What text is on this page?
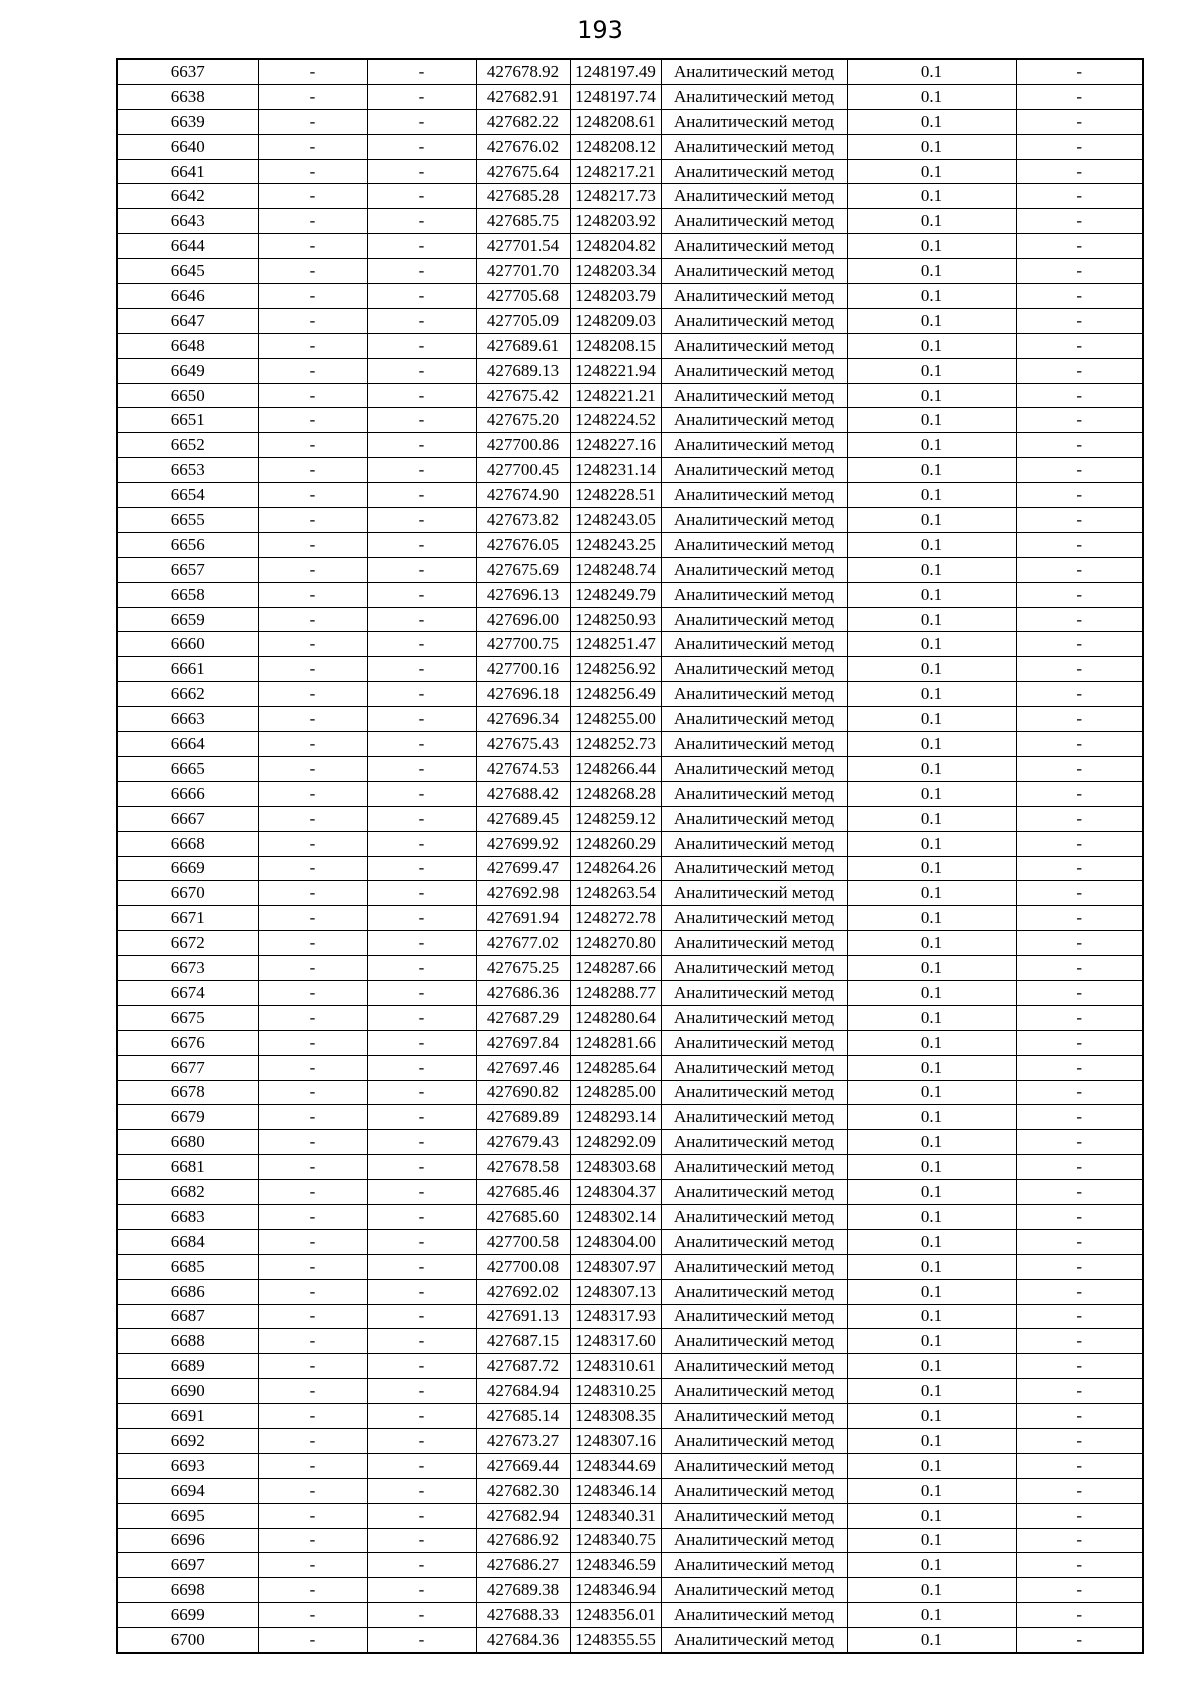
193
6637	-	-	427678.92	1248197.49	Аналитический метод	0.1	-
6638	-	-	427682.91	1248197.74	Аналитический метод	0.1	-
6639	-	-	427682.22	1248208.61	Аналитический метод	0.1	-
6640	-	-	427676.02	1248208.12	Аналитический метод	0.1	-
6641	-	-	427675.64	1248217.21	Аналитический метод	0.1	-
6642	-	-	427685.28	1248217.73	Аналитический метод	0.1	-
6643	-	-	427685.75	1248203.92	Аналитический метод	0.1	-
6644	-	-	427701.54	1248204.82	Аналитический метод	0.1	-
6645	-	-	427701.70	1248203.34	Аналитический метод	0.1	-
6646	-	-	427705.68	1248203.79	Аналитический метод	0.1	-
6647	-	-	427705.09	1248209.03	Аналитический метод	0.1	-
6648	-	-	427689.61	1248208.15	Аналитический метод	0.1	-
6649	-	-	427689.13	1248221.94	Аналитический метод	0.1	-
6650	-	-	427675.42	1248221.21	Аналитический метод	0.1	-
6651	-	-	427675.20	1248224.52	Аналитический метод	0.1	-
6652	-	-	427700.86	1248227.16	Аналитический метод	0.1	-
6653	-	-	427700.45	1248231.14	Аналитический метод	0.1	-
6654	-	-	427674.90	1248228.51	Аналитический метод	0.1	-
6655	-	-	427673.82	1248243.05	Аналитический метод	0.1	-
6656	-	-	427676.05	1248243.25	Аналитический метод	0.1	-
6657	-	-	427675.69	1248248.74	Аналитический метод	0.1	-
6658	-	-	427696.13	1248249.79	Аналитический метод	0.1	-
6659	-	-	427696.00	1248250.93	Аналитический метод	0.1	-
6660	-	-	427700.75	1248251.47	Аналитический метод	0.1	-
6661	-	-	427700.16	1248256.92	Аналитический метод	0.1	-
6662	-	-	427696.18	1248256.49	Аналитический метод	0.1	-
6663	-	-	427696.34	1248255.00	Аналитический метод	0.1	-
6664	-	-	427675.43	1248252.73	Аналитический метод	0.1	-
6665	-	-	427674.53	1248266.44	Аналитический метод	0.1	-
6666	-	-	427688.42	1248268.28	Аналитический метод	0.1	-
6667	-	-	427689.45	1248259.12	Аналитический метод	0.1	-
6668	-	-	427699.92	1248260.29	Аналитический метод	0.1	-
6669	-	-	427699.47	1248264.26	Аналитический метод	0.1	-
6670	-	-	427692.98	1248263.54	Аналитический метод	0.1	-
6671	-	-	427691.94	1248272.78	Аналитический метод	0.1	-
6672	-	-	427677.02	1248270.80	Аналитический метод	0.1	-
6673	-	-	427675.25	1248287.66	Аналитический метод	0.1	-
6674	-	-	427686.36	1248288.77	Аналитический метод	0.1	-
6675	-	-	427687.29	1248280.64	Аналитический метод	0.1	-
6676	-	-	427697.84	1248281.66	Аналитический метод	0.1	-
6677	-	-	427697.46	1248285.64	Аналитический метод	0.1	-
6678	-	-	427690.82	1248285.00	Аналитический метод	0.1	-
6679	-	-	427689.89	1248293.14	Аналитический метод	0.1	-
6680	-	-	427679.43	1248292.09	Аналитический метод	0.1	-
6681	-	-	427678.58	1248303.68	Аналитический метод	0.1	-
6682	-	-	427685.46	1248304.37	Аналитический метод	0.1	-
6683	-	-	427685.60	1248302.14	Аналитический метод	0.1	-
6684	-	-	427700.58	1248304.00	Аналитический метод	0.1	-
6685	-	-	427700.08	1248307.97	Аналитический метод	0.1	-
6686	-	-	427692.02	1248307.13	Аналитический метод	0.1	-
6687	-	-	427691.13	1248317.93	Аналитический метод	0.1	-
6688	-	-	427687.15	1248317.60	Аналитический метод	0.1	-
6689	-	-	427687.72	1248310.61	Аналитический метод	0.1	-
6690	-	-	427684.94	1248310.25	Аналитический метод	0.1	-
6691	-	-	427685.14	1248308.35	Аналитический метод	0.1	-
6692	-	-	427673.27	1248307.16	Аналитический метод	0.1	-
6693	-	-	427669.44	1248344.69	Аналитический метод	0.1	-
6694	-	-	427682.30	1248346.14	Аналитический метод	0.1	-
6695	-	-	427682.94	1248340.31	Аналитический метод	0.1	-
6696	-	-	427686.92	1248340.75	Аналитический метод	0.1	-
6697	-	-	427686.27	1248346.59	Аналитический метод	0.1	-
6698	-	-	427689.38	1248346.94	Аналитический метод	0.1	-
6699	-	-	427688.33	1248356.01	Аналитический метод	0.1	-
6700	-	-	427684.36	1248355.55	Аналитический метод	0.1	-
